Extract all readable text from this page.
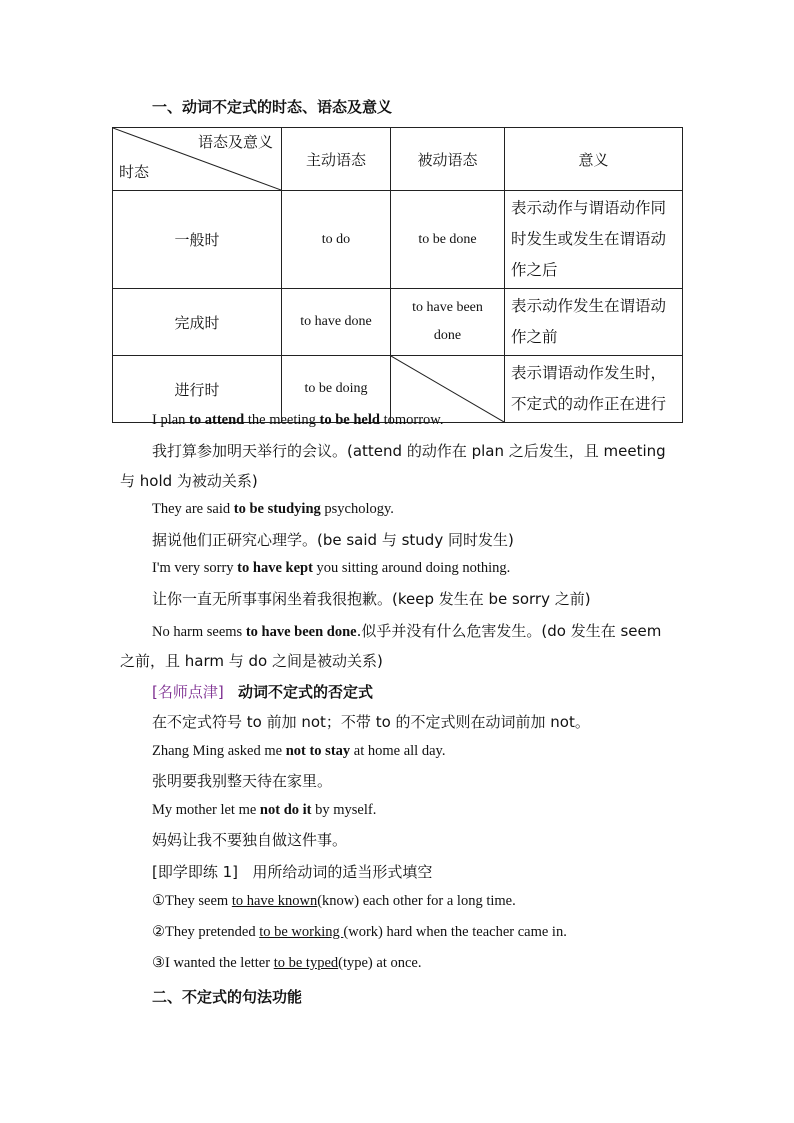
一、动词不定式的时态、语态及意义
语态及意义
时态	主动语态	被动语态	意义
一般时	to do	to be done	表示动作与谓语动作同时发生或发生在谓语动作之后
完成时	to have done	to have been done	表示动作发生在谓语动作之前
进行时	to be doing		表示谓语动作发生时，不定式的动作正在进行
I plan to attend the meeting to be held tomorrow.
我打算参加明天举行的会议。(attend 的动作在 plan 之后发生，且 meeting
与 hold 为被动关系)
They are said to be studying psychology.
据说他们正研究心理学。(be said 与 study 同时发生)
I'm very sorry to have kept you sitting around doing nothing.
让你一直无所事事闲坐着我很抱歉。(keep 发生在 be sorry 之前)
No harm seems to have been done.似乎并没有什么危害发生。(do 发生在 seem
之前，且 harm 与 do 之间是被动关系)
[名师点津] 动词不定式的否定式
在不定式符号 to 前加 not；不带 to 的不定式则在动词前加 not。
Zhang Ming asked me not to stay at home all day.
张明要我别整天待在家里。
My mother let me not do it by myself.
妈妈让我不要独自做这件事。
[即学即练 1] 用所给动词的适当形式填空
①They seem to have known(know) each other for a long time.
②They pretended to be working (work) hard when the teacher came in.
③I wanted the letter to be typed(type) at once.
二、不定式的句法功能
